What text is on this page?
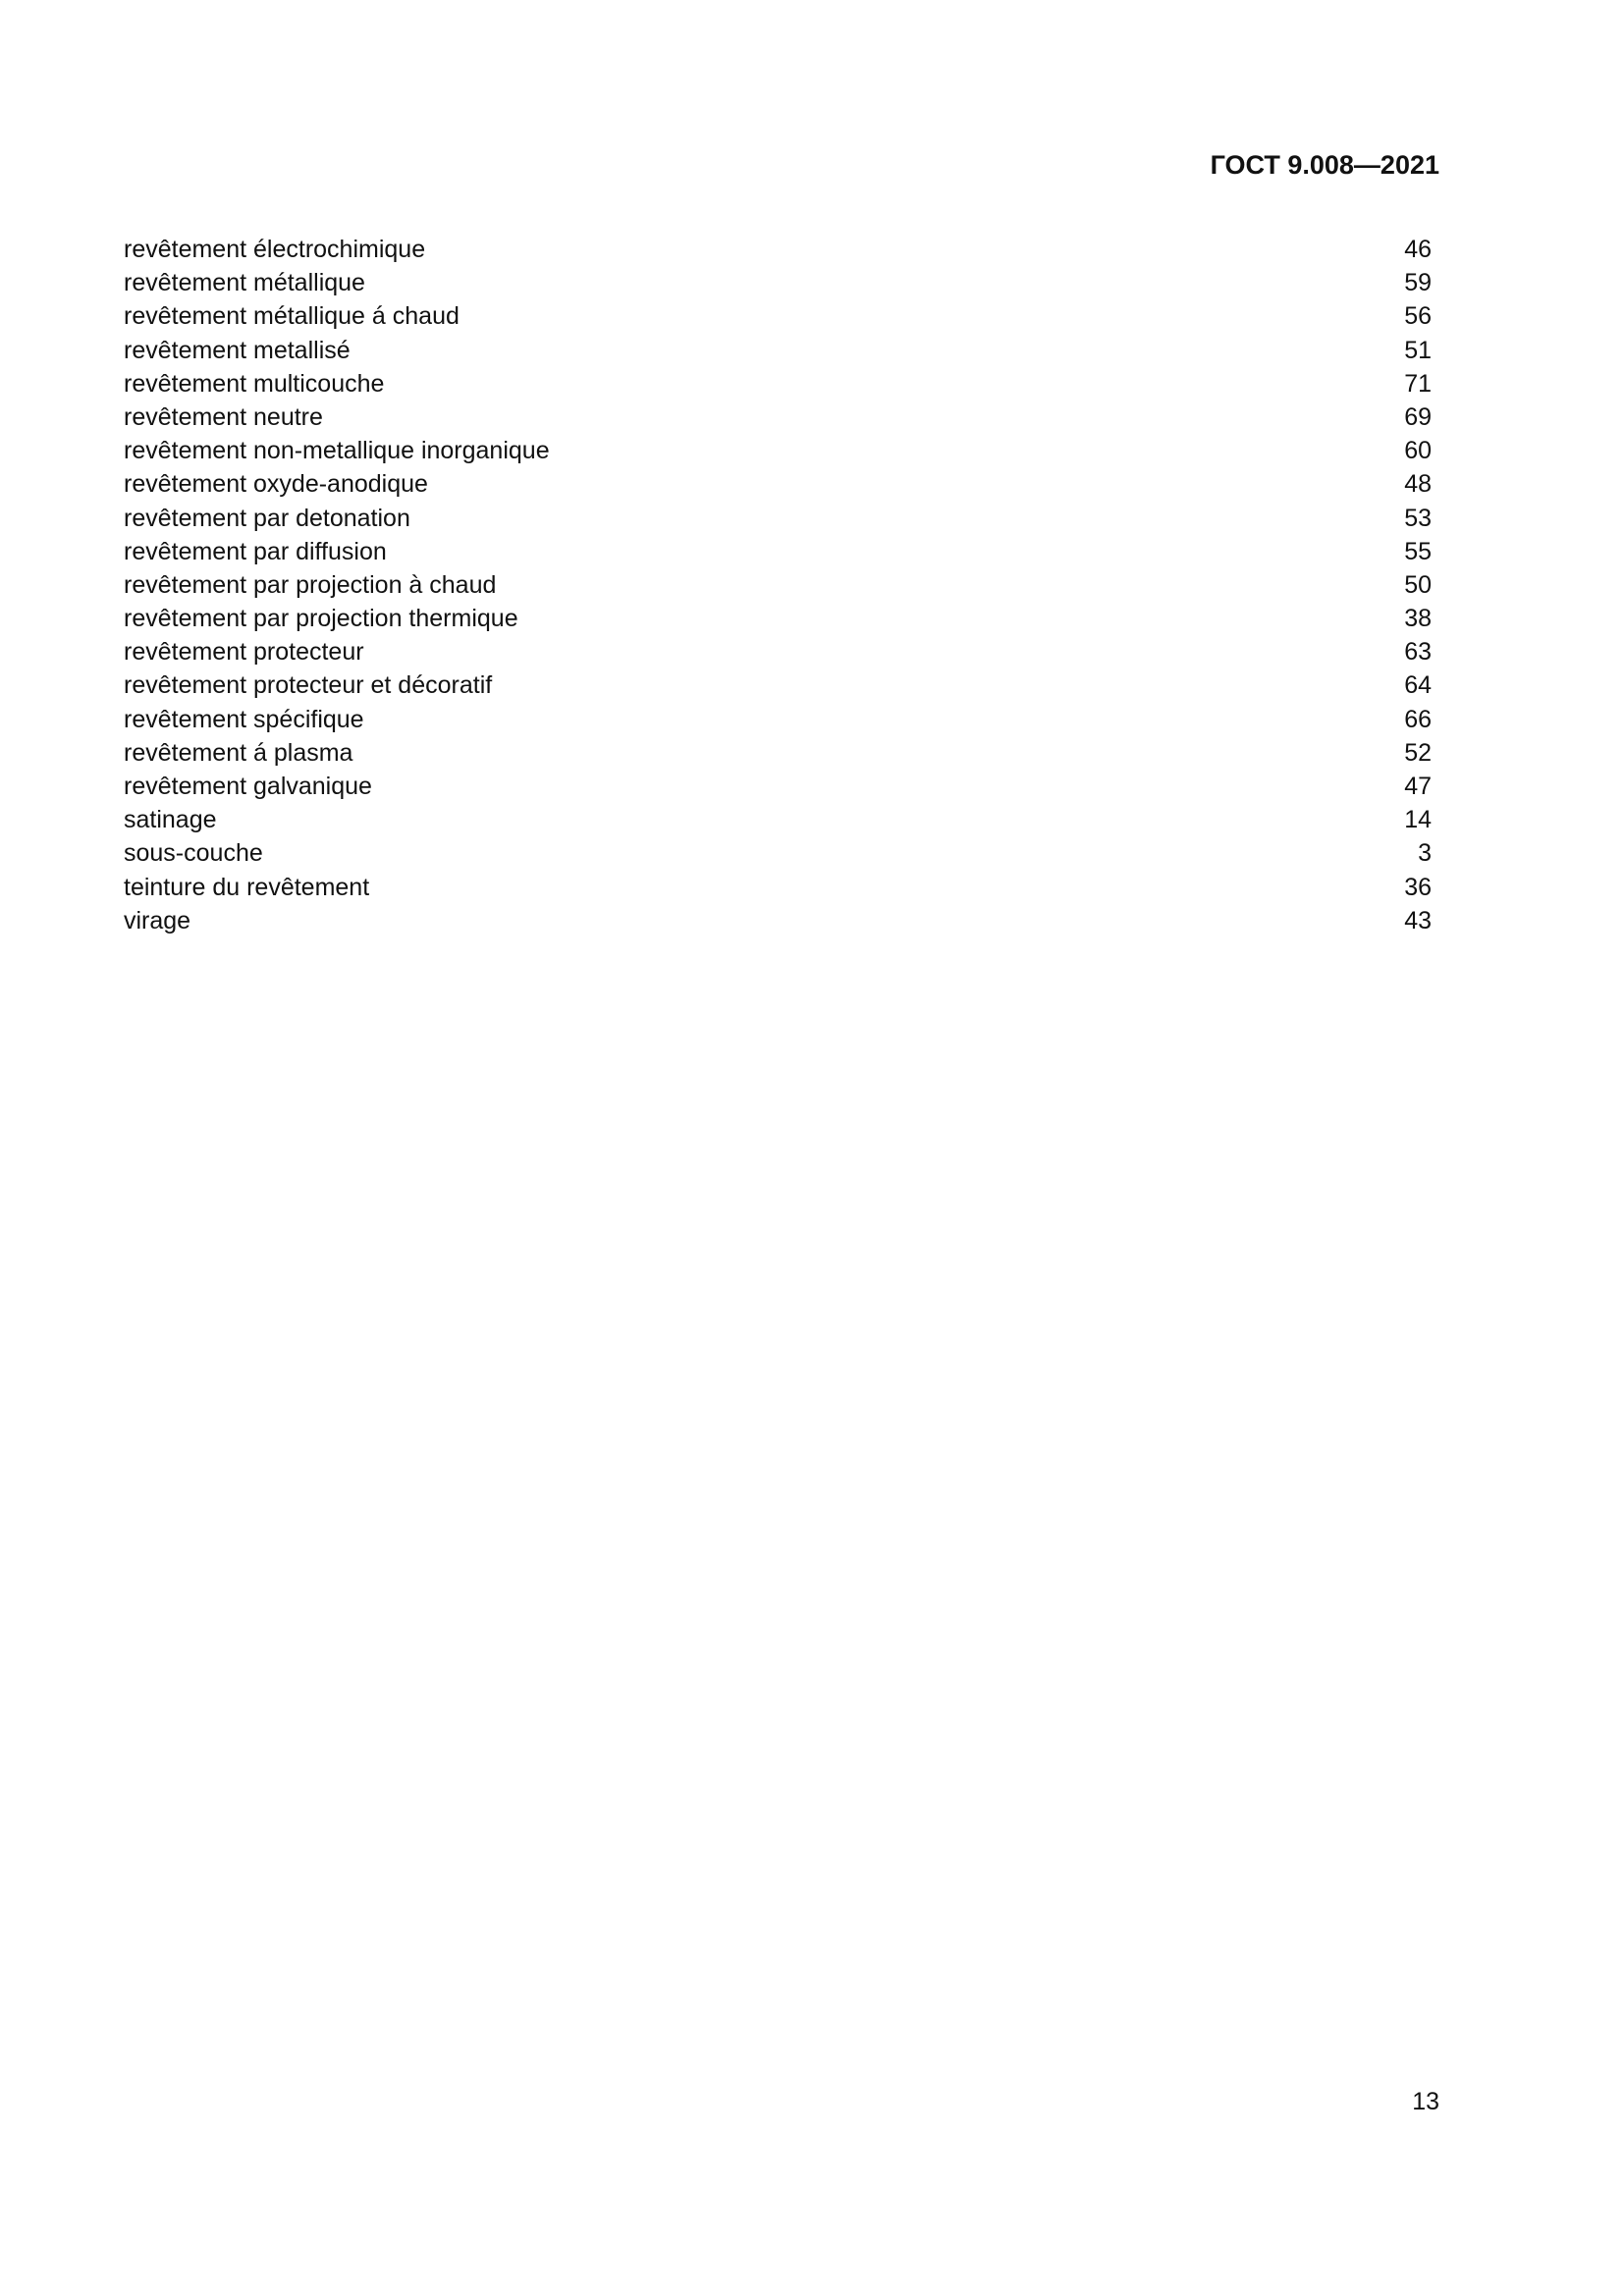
ГОСТ 9.008—2021
revêtement électrochimique	46
revêtement métallique	59
revêtement métallique á chaud	56
revêtement metallisé	51
revêtement multicouche	71
revêtement neutre	69
revêtement non-metallique inorganique	60
revêtement oxyde-anodique	48
revêtement par detonation	53
revêtement par diffusion	55
revêtement par projection à chaud	50
revêtement par projection thermique	38
revêtement protecteur	63
revêtement protecteur et décoratif	64
revêtement spécifique	66
revêtement á plasma	52
revêtement galvanique	47
satinage	14
sous-couche	3
teinture du revêtement	36
virage	43
13
